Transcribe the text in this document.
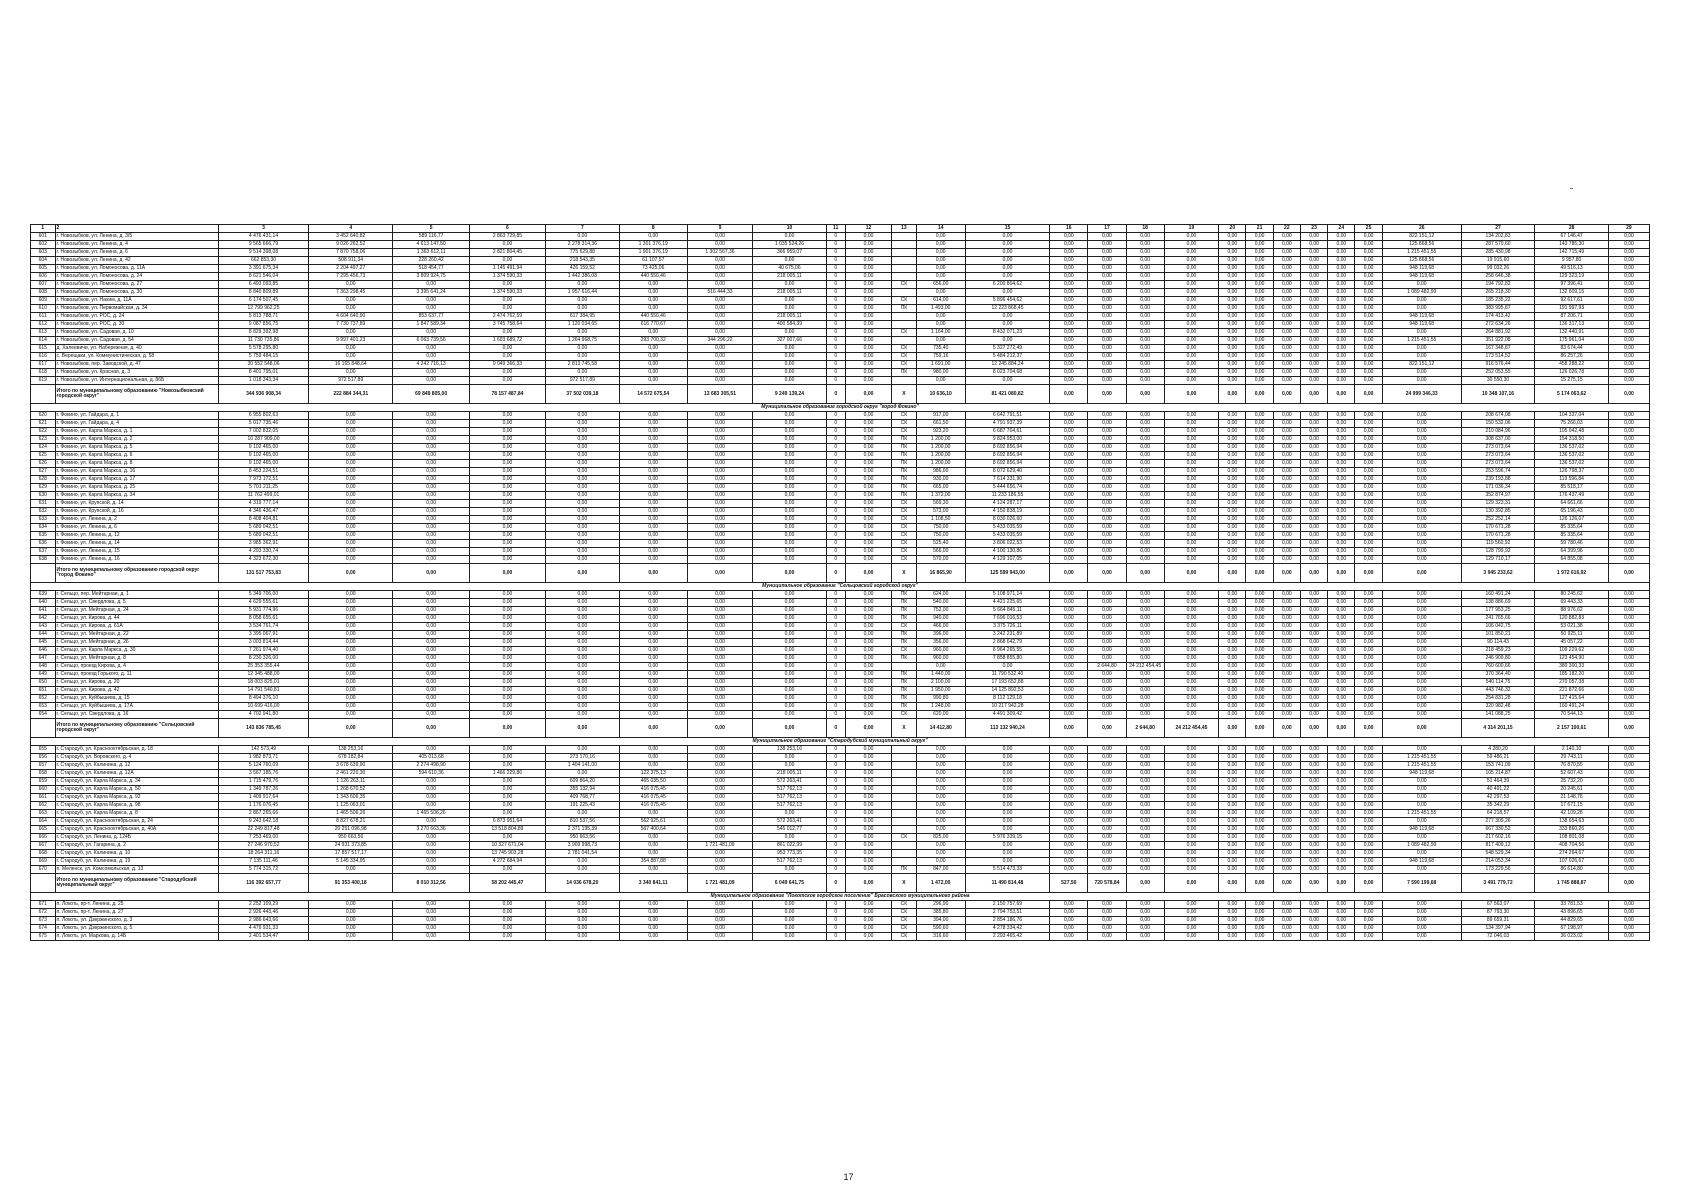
1	2	3	4	5	6	7	8	9	10	11	12	13	14	15	16	17	18	19	20	21	22	23	24	25	26	27	28	29
601	г. Новозыбков, ул. Ленина, д. 3/5	4 476 431,14	3 452 640,82	589 116,77	2 863 729,85	0,00	0,00	0,00	0,00	0	0,00		0,00	0,00	0,00	0,00	0,00	0,00	0,00	0,00	0,00	0,00	0,00	0,00	822 151,12	134 202,83	67 146,47	0,00
602	г. Новозыбков, ул. Ленина, д. 4	9 565 666,79	9 026 262,52	4 613 147,50	0,00	2 278 314,36	1 301 376,19	0,00	1 035 524,26	0	0,00		0,00	0,00	0,00	0,00	0,00	0,00	0,00	0,00	0,00	0,00	0,00	0,00	125 868,56	287 570,60	143 785,30	0,00
603	г. Новозыбков, ул. Ленина, д. 6	9 514 398,08	7 870 758,06	1 363 612,11	2 821 804,45	775 629,88	1 901 376,19	1 302 567,36	366 959,07	0	0,00		0,00	0,00	0,00	0,00	0,00	0,00	0,00	0,00	0,00	0,00	0,00	0,00	1 215 451,55	285 430,98	142 715,49	0,00
604	г. Новозыбков, ул. Ленина, д. 42	662 853,30	508 911,34	228 260,42	0,00	218 543,35	61 107,57	0,00	0,00	0	0,00		0,00	0,00	0,00	0,00	0,00	0,00	0,00	0,00	0,00	0,00	0,00	0,00	125 868,56	19 915,60	9 957,80	0,00
605	г. Новозыбков, ул. Ломоносова, д. 11А	3 391 675,34	2 204 497,27	518 454,77	1 145 491,94	426 159,52	73 425,06	0,00	40 675,06	0	0,00		0,00	0,00	0,00	0,00	0,00	0,00	0,00	0,00	0,00	0,00	0,00	0,00	948 119,68	99 032,26	49 516,13	0,00
606	г. Новозыбков, ул. Ломоносова, д. 24	8 621 546,04	7 295 456,73	3 809 924,75	1 374 590,33	1 442 386,08	440 550,46	0,00	218 005,11	0	0,00		0,00	0,00	0,00	0,00	0,00	0,00	0,00	0,00	0,00	0,00	0,00	0,00	948 119,68	258 646,38	129 323,19	0,00
607	г. Новозыбков, ул. Ломоносова, д. 27	6 493 093,85	0,00	0,00	0,00	0,00	0,00	0,00	0,00	0	0,00	СК	656,00	6 200 804,62	0,00	0,00	0,00	0,00	0,00	0,00	0,00	0,00	0,00	0,00	0,00	194 792,82	97 396,41	0,00
608	г. Новозыбков, ул. Ломоносова, д. 30	8 840 809,89	7 363 298,45	3 395 641,24	1 374 590,33	1 957 616,44	0,00	516 444,33	218 005,11	0	0,00		0,00	0,00	0,00	0,00	0,00	0,00	0,00	0,00	0,00	0,00	0,00	0,00	1 089 482,99	265 218,30	132 609,15	0,00
609	г. Новозыбков, ул. Нахим, д. 11А	6 174 507,45	0,00	0,00	0,00	0,00	0,00	0,00	0,00	0	0,00	СК	614,00	5 896 454,62	0,00	0,00	0,00	0,00	0,00	0,00	0,00	0,00	0,00	0,00	0,00	185 235,22	92 617,61	0,00
610	г. Новозыбков, ул. Первомайская, д. 34	12 799 962,25	0,00	0,00	0,00	0,00	0,00	0,00	0,00	0	0,00	ПК	1 493,00	12 223 868,45	0,00	0,00	0,00	0,00	0,00	0,00	0,00	0,00	0,00	0,00	0,00	383 995,87	191 997,93	0,00
611	г. Новозыбков, ул. РОС, д. 24	5 813 788,71	4 604 640,90	853 637,77	2 474 762,59	617 384,95	440 550,46	0,00	218 005,11	0	0,00		0,00	0,00	0,00	0,00	0,00	0,00	0,00	0,00	0,00	0,00	0,00	0,00	948 119,68	174 413,42	87 206,71	0,00
612	г. Новозыбков, ул. РОС, д. 30	9 087 856,75	7 730 737,89	1 847 589,34	3 745 758,64	1 120 034,65	616 770,67	0,00	400 584,39	0	0,00		0,00	0,00	0,00	0,00	0,00	0,00	0,00	0,00	0,00	0,00	0,00	0,00	948 119,68	272 634,26	136 317,13	0,00
613	г. Новозыбков, ул. Садовая, д. 10	8 829 392,98	0,00	0,00	0,00	0,00	0,00	0,00	0,00	0	0,00	СК	1 164,00	8 432 071,23	0,00	0,00	0,00	0,00	0,00	0,00	0,00	0,00	0,00	0,00	0,00	264 881,92	132 440,91	0,00
614	г. Новозыбков, ул. Садовая, д. 54	11 730 735,86	9 997 401,23	6 063 739,56	1 603 689,72	1 264 968,75	293 700,32	344 296,22	327 007,66	0	0,00		0,00	0,00	0,00	0,00	0,00	0,00	0,00	0,00	0,00	0,00	0,00	0,00	1 215 451,55	351 922,08	175 961,04	0,00
615	д. Халеевичи, ул. Набережная, д. 40	5 578 295,80	0,00	0,00	0,00	0,00	0,00	0,00	0,00	0	0,00	СК	735,40	5 327 272,49	0,00	0,00	0,00	0,00	0,00	0,00	0,00	0,00	0,00	0,00	0,00	167 348,87	83 674,44	0,00
616	с. Верещаки, ул. Коммунистическая, д. 58	5 759 484,15	0,00	0,00	0,00	0,00	0,00	0,00	0,00	0	0,00	СК	759,16	5 484 212,37	0,00	0,00	0,00	0,00	0,00	0,00	0,00	0,00	0,00	0,00	0,00	173 514,52	86 257,26	0,00
617	г. Новозыбков, пер. Заводской, д. 47	30 552 548,06	16 165 848,64	4 242 716,13	9 049 366,33	2 813 745,58	0,00	0,00	0,00	0	0,00	СК	1 691,00	12 245 884,24	0,00	0,00	0,00	0,00	0,00	0,00	0,00	0,00	0,00	0,00	822 151,12	916 576,44	458 288,22	0,00
618	г. Новозыбков, ул. Красная, д. 3	8 401 795,01	0,00	0,00	0,00	0,00	0,00	0,00	0,00	0	0,00	ПК	980,00	8 023 704,68	0,00	0,00	0,00	0,00	0,00	0,00	0,00	0,00	0,00	0,00	0,00	252 053,55	126 026,78	0,00
619	г. Новозыбков, ул. Интернациональная, д. 86Б	1 018 343,34	972 517,89	0,00	0,00	972 517,89	0,00	0,00	0,00	0	0,00		0,00	0,00	0,00	0,00	0,00	0,00	0,00	0,00	0,00	0,00	0,00	0,00	0,00	30 550,30	15 275,15	0,00
	Итого по муниципальному образованию "Новозыбковский городской округ"	344 936 908,34	222 884 344,31	69 849 805,00	78 157 487,84	37 502 039,18	14 572 675,54	13 683 305,51	9 249 139,24	0	0,00	X	10 636,10	81 421 080,82	0,00	0,00	0,00	0,00	0,00	0,00	0,00	0,00	0,00	0,00	24 999 346,33	10 348 107,16	5 174 063,62	0,00
Муниципальное образование городской округ "город Фокино"																												
620	г. Фокино, ул. Гайдара, д. 1	6 955 802,63	0,00	0,00	0,00	0,00	0,00	0,00	0,00	0	0,00	СК	917,00	6 642 791,51	0,00	0,00	0,00	0,00	0,00	0,00	0,00	0,00	0,00	0,00	0,00	208 674,08	104 337,04	0,00
621	г. Фокино, ул. Гайдара, д. 4	5 017 735,46	0,00	0,00	0,00	0,00	0,00	0,00	0,00	0	0,00	СК	661,50	4 791 937,39	0,00	0,00	0,00	0,00	0,00	0,00	0,00	0,00	0,00	0,00	0,00	150 532,06	75 266,03	0,00
622	г. Фокино, ул. Карла Маркса, д. 1	7 002 832,05	0,00	0,00	0,00	0,00	0,00	0,00	0,00	0	0,00	СК	923,20	6 687 704,61	0,00	0,00	0,00	0,00	0,00	0,00	0,00	0,00	0,00	0,00	0,00	210 084,96	105 042,48	0,00
623	г. Фокино, ул. Карла Маркса, д. 2	10 287 909,00	0,00	0,00	0,00	0,00	0,00	0,00	0,00	0	0,00	ПК	1 200,00	9 824 953,00	0,00	0,00	0,00	0,00	0,00	0,00	0,00	0,00	0,00	0,00	0,00	308 637,00	154 318,50	0,00
624	г. Фокино, ул. Карла Маркса, д. 5	9 102 465,00	0,00	0,00	0,00	0,00	0,00	0,00	0,00	0	0,00	ПК	1 200,00	8 692 856,94	0,00	0,00	0,00	0,00	0,00	0,00	0,00	0,00	0,00	0,00	0,00	273 073,64	136 537,02	0,00
625	г. Фокино, ул. Карла Маркса, д. 6	9 102 465,00	0,00	0,00	0,00	0,00	0,00	0,00	0,00	0	0,00	ПК	1 200,00	8 692 856,94	0,00	0,00	0,00	0,00	0,00	0,00	0,00	0,00	0,00	0,00	0,00	273 073,64	136 537,02	0,00
626	г. Фокино, ул. Карла Маркса, д. 8	9 102 465,00	0,00	0,00	0,00	0,00	0,00	0,00	0,00	0	0,00	ПК	1 200,00	8 692 856,94	0,00	0,00	0,00	0,00	0,00	0,00	0,00	0,00	0,00	0,00	0,00	273 073,64	136 537,02	0,00
627	г. Фокино, ул. Карла Маркса, д. 16	8 453 224,51	0,00	0,00	0,00	0,00	0,00	0,00	0,00	0	0,00	ПК	986,00	8 072 629,40	0,00	0,00	0,00	0,00	0,00	0,00	0,00	0,00	0,00	0,00	0,00	253 596,74	126 798,37	0,00
628	г. Фокино, ул. Карла Маркса, д. 17	7 973 172,51	0,00	0,00	0,00	0,00	0,00	0,00	0,00	0	0,00	ПК	930,00	7 614 331,90	0,00	0,00	0,00	0,00	0,00	0,00	0,00	0,00	0,00	0,00	0,00	239 193,88	119 596,84	0,00
629	г. Фокино, ул. Карла Маркса, д. 25	5 701 211,25	0,00	0,00	0,00	0,00	0,00	0,00	0,00	0	0,00	ПК	665,00	5 444 656,74	0,00	0,00	0,00	0,00	0,00	0,00	0,00	0,00	0,00	0,00	0,00	171 036,34	85 518,17	0,00
630	г. Фокино, ул. Карла Маркса, д. 34	11 762 499,01	0,00	0,00	0,00	0,00	0,00	0,00	0,00	0	0,00	ПК	1 372,00	11 233 186,55	0,00	0,00	0,00	0,00	0,00	0,00	0,00	0,00	0,00	0,00	0,00	352 874,97	176 437,49	0,00
631	г. Фокино, ул. Крупской, д. 14	4 319 777,14	0,00	0,00	0,00	0,00	0,00	0,00	0,00	0	0,00	СК	569,30	4 124 287,17	0,00	0,00	0,00	0,00	0,00	0,00	0,00	0,00	0,00	0,00	0,00	129 323,31	64 661,66	0,00
632	г. Фокино, ул. Крупской, д. 16	4 346 436,47	0,00	0,00	0,00	0,00	0,00	0,00	0,00	0	0,00	СК	573,00	4 150 838,19	0,00	0,00	0,00	0,00	0,00	0,00	0,00	0,00	0,00	0,00	0,00	130 392,85	65 196,43	0,00
633	г. Фокино, ул. Ленина, д. 2	8 408 404,81	0,00	0,00	0,00	0,00	0,00	0,00	0,00	0	0,00	СК	1 108,50	8 030 026,60	0,00	0,00	0,00	0,00	0,00	0,00	0,00	0,00	0,00	0,00	0,00	252 252,14	126 126,07	0,00
634	г. Фокино, ул. Ленина, д. 6	5 689 042,51	0,00	0,00	0,00	0,00	0,00	0,00	0,00	0	0,00	СК	750,00	5 433 035,59	0,00	0,00	0,00	0,00	0,00	0,00	0,00	0,00	0,00	0,00	0,00	170 671,28	85 335,64	0,00
635	г. Фокино, ул. Ленина, д. 12	5 689 042,51	0,00	0,00	0,00	0,00	0,00	0,00	0,00	0	0,00	СК	750,00	5 433 035,59	0,00	0,00	0,00	0,00	0,00	0,00	0,00	0,00	0,00	0,00	0,00	170 671,28	85 335,64	0,00
636	г. Фокино, ул. Ленина, д. 14	3 985 362,91	0,00	0,00	0,00	0,00	0,00	0,00	0,00	0	0,00	СК	525,40	3 806 022,53	0,00	0,00	0,00	0,00	0,00	0,00	0,00	0,00	0,00	0,00	0,00	119 560,92	59 780,46	0,00
637	г. Фокино, ул. Ленина, д. 15	4 293 330,74	0,00	0,00	0,00	0,00	0,00	0,00	0,00	0	0,00	СК	566,00	4 100 130,86	0,00	0,00	0,00	0,00	0,00	0,00	0,00	0,00	0,00	0,00	0,00	128 799,92	64 399,96	0,00
638	г. Фокино, ул. Ленина, д. 16	4 323 672,30	0,00	0,00	0,00	0,00	0,00	0,00	0,00	0	0,00	СК	570,00	4 129 107,05	0,00	0,00	0,00	0,00	0,00	0,00	0,00	0,00	0,00	0,00	0,00	129 710,17	64 855,08	0,00
	Итого по муниципальному образованию городской округ "город Фокино"	131 517 753,83	0,00	0,00	0,00	0,00	0,00	0,00	0,00	0	0,00	X	16 865,90	125 599 943,00	0,00	0,00	0,00	0,00	0,00	0,00	0,00	0,00	0,00	0,00	0,00	3 945 233,62	1 972 616,92	0,00
Муниципальное образование "Сельцовский городской округ"																												
639	г. Сельцо, пер. Мейтарнаи, д. 1	5 349 706,00	0,00	0,00	0,00	0,00	0,00	0,00	0,00	0	0,00	ПК	624,00	5 108 971,14	0,00	0,00	0,00	0,00	0,00	0,00	0,00	0,00	0,00	0,00	0,00	160 491,24	80 245,62	0,00
640	г. Сельцо, ул. Свердлова, д. 5	4 629 555,61	0,00	0,00	0,00	0,00	0,00	0,00	0,00	0	0,00	ПК	540,00	4 421 225,65	0,00	0,00	0,00	0,00	0,00	0,00	0,00	0,00	0,00	0,00	0,00	138 886,69	69 443,33	0,00
641	г. Сельцо, ул. Мейтарнаи, д. 24	5 931 774,96	0,00	0,00	0,00	0,00	0,00	0,00	0,00	0	0,00	ПК	752,00	5 664 845,11	0,00	0,00	0,00	0,00	0,00	0,00	0,00	0,00	0,00	0,00	0,00	177 953,25	88 976,62	0,00
642	г. Сельцо, ул. Кирова, д. 44	8 058 655,61	0,00	0,00	0,00	0,00	0,00	0,00	0,00	0	0,00	ПК	940,00	7 696 016,53	0,00	0,00	0,00	0,00	0,00	0,00	0,00	0,00	0,00	0,00	0,00	241 765,66	120 882,83	0,00
643	г. Сельцо, ул. Кирова, д. 61А	3 534 761,74	0,00	0,00	0,00	0,00	0,00	0,00	0,00	0	0,00	СК	466,00	3 375 726,11	0,00	0,00	0,00	0,00	0,00	0,00	0,00	0,00	0,00	0,00	0,00	106 042,75	53 021,38	0,00
644	г. Сельцо, ул. Мейтарнаи, д. 22	3 395 067,91	0,00	0,00	0,00	0,00	0,00	0,00	0,00	0	0,00	ПК	396,00	3 242 231,89	0,00	0,00	0,00	0,00	0,00	0,00	0,00	0,00	0,00	0,00	0,00	101 850,21	50 925,11	0,00
645	г. Сельцо, ул. Мейтарнаи, д. 26	3 003 814,44	0,00	0,00	0,00	0,00	0,00	0,00	0,00	0	0,00	ПК	356,00	2 868 642,79	0,00	0,00	0,00	0,00	0,00	0,00	0,00	0,00	0,00	0,00	0,00	90 114,43	45 057,22	0,00
646	г. Сельцо, ул. Карла Маркса, д. 30	7 261 974,40	0,00	0,00	0,00	0,00	0,00	0,00	0,00	0	0,00	СК	960,00	6 964 265,55	0,00	0,00	0,00	0,00	0,00	0,00	0,00	0,00	0,00	0,00	0,00	218 459,23	109 229,62	0,00
647	г. Сельцо, ул. Мейтарнаи, д. 8	8 230 326,00	0,00	0,00	0,00	0,00	0,00	0,00	0,00	0	0,00	ПК	960,00	7 858 855,80	0,00	0,00	0,00	0,00	0,00	0,00	0,00	0,00	0,00	0,00	0,00	246 909,80	123 454,90	0,00
648	г. Сельцо, проезд Кирова, д. 4	25 353 355,44	0,00	0,00	0,00	0,00	0,00	0,00	0,00	0	0,00		0,00	0,00	0,00	2 644,80	24 212 454,45	0,00	0,00	0,00	0,00	0,00	0,00	0,00	0,00	760 600,66	380 300,33	0,00
649	г. Сельцо, проезд Горького, д. 11	12 345 488,00	0,00	0,00	0,00	0,00	0,00	0,00	0,00	0	0,00	ПК	1 440,00	11 790 532,40	0,00	0,00	0,00	0,00	0,00	0,00	0,00	0,00	0,00	0,00	0,00	370 364,40	185 182,20	0,00
650	г. Сельцо, ул. Кирова, д. 20	18 003 825,01	0,00	0,00	0,00	0,00	0,00	0,00	0,00	0	0,00	ПК	2 100,00	17 193 652,88	0,00	0,00	0,00	0,00	0,00	0,00	0,00	0,00	0,00	0,00	0,00	540 114,75	270 057,38	0,00
651	г. Сельцо, ул. Кирова, д. 42	14 791 540,81	0,00	0,00	0,00	0,00	0,00	0,00	0,00	0	0,00	ПК	1 950,00	14 125 892,53	0,00	0,00	0,00	0,00	0,00	0,00	0,00	0,00	0,00	0,00	0,00	443 746,32	221 872,66	0,00
652	г. Сельцо, ул. Куйбышева, д. 15	8 494 376,10	0,00	0,00	0,00	0,00	0,00	0,00	0,00	0	0,00	ПК	990,80	8 112 129,18	0,00	0,00	0,00	0,00	0,00	0,00	0,00	0,00	0,00	0,00	0,00	254 831,28	127 415,64	0,00
653	г. Сельцо, ул. Куйбышева, д. 17А	10 699 416,00	0,00	0,00	0,00	0,00	0,00	0,00	0,00	0	0,00	ПК	1 248,00	10 217 942,28	0,00	0,00	0,00	0,00	0,00	0,00	0,00	0,00	0,00	0,00	0,00	320 982,48	160 491,24	0,00
654	г. Сельцо, ул. Свердлова, д. 16	4 702 941,80	0,00	0,00	0,00	0,00	0,00	0,00	0,00	0	0,00	СК	620,00	4 491 309,42	0,00	0,00	0,00	0,00	0,00	0,00	0,00	0,00	0,00	0,00	0,00	141 088,25	70 544,13	0,00
	Итого по муниципальному образованию "Сельцовский городской округ"	143 836 785,45	0,00	0,00	0,00	0,00	0,00	0,00	0,00	0	0,00	X	14 412,80	113 132 940,24	0,00	0,00	2 644,80	24 212 454,45	0,00	0,00	0,00	0,00	0,00	0,00	0,00	4 314 201,15	2 157 100,61	0,00
Муниципальное образование "Стародубский муниципальный округ"																												
655	г. Стародуб, ул. Краснооктябрьская, д. 18	142 573,49	138 253,16	0,00	0,00	0,00	0,00	0,00	138 253,16	0	0,00		0,00	0,00	0,00	0,00	0,00	0,00	0,00	0,00	0,00	0,00	0,00	0,00	0,00	4 280,20	2 140,10	0,00
656	г. Стародуб, ул. Воровского, д. 4	1 982 873,71	678 182,84	405 013,68	0,00	273 170,16	0,00	0,00	0,00	0	0,00		0,00	0,00	0,00	0,00	0,00	0,00	0,00	0,00	0,00	0,00	0,00	0,00	1 215 451,55	59 486,21	29 743,11	0,00
657	г. Стародуб, ул. Калинина, д. 12	5 124 760,09	3 678 639,90	2 274 498,90	0,00	1 404 141,00	0,00	0,00	0,00	0	0,00		0,00	0,00	0,00	0,00	0,00	0,00	0,00	0,00	0,00	0,00	0,00	0,00	1 215 451,55	153 741,09	76 870,55	0,00
658	г. Стародуб, ул. Калинина, д. 12А	3 567 185,76	2 461 220,30	594 610,36	1 466 229,86	0,00	122 375,13	0,00	218 005,11	0	0,00		0,00	0,00	0,00	0,00	0,00	0,00	0,00	0,00	0,00	0,00	0,00	0,00	948 119,68	105 214,87	52 607,43	0,00
659	г. Стародуб, ул. Карла Маркса, д. 34	1 715 479,76	1 126 263,11	0,00	0,00	609 864,20	465 035,50	0,00	572 263,41	0	0,00		0,00	0,00	0,00	0,00	0,00	0,00	0,00	0,00	0,00	0,00	0,00	0,00	0,00	51 464,39	25 732,20	0,00
660	г. Стародуб, ул. Карла Маркса, д. 50	1 349 787,26	1 268 670,52	0,00	0,00	355 132,94	416 075,45	0,00	517 762,13	0	0,00		0,00	0,00	0,00	0,00	0,00	0,00	0,00	0,00	0,00	0,00	0,00	0,00	0,00	40 491,22	20 245,61	0,00
661	г. Стародуб, ул. Карла Маркса, д. 92	1 409 917,64	1 343 606,35	0,00	0,00	409 768,77	416 075,45	0,00	517 762,13	0	0,00		0,00	0,00	0,00	0,00	0,00	0,00	0,00	0,00	0,00	0,00	0,00	0,00	0,00	42 297,53	21 148,76	0,00
662	г. Стародуб, ул. Карла Маркса, д. 98	1 176 076,45	1 125 063,01	0,00	0,00	191 225,43	416 075,45	0,00	517 762,13	0	0,00		0,00	0,00	0,00	0,00	0,00	0,00	0,00	0,00	0,00	0,00	0,00	0,00	0,00	35 342,29	17 671,15	0,00
663	г. Стародуб, ул. Карла Маркса, д. 8	2 867 265,66	1 465 506,26	1 465 506,26	0,00	0,00	0,00	0,00	0,00	0	0,00		0,00	0,00	0,00	0,00	0,00	0,00	0,00	0,00	0,00	0,00	0,00	0,00	1 215 451,55	64 218,57	42 109,28	0,00
664	г. Стародуб, ул. Краснооктябрьская, д. 24	9 243 642,18	8 827 678,21	0,00	6 873 951,64	810 537,56	562 925,61	0,00	572 263,41	0	0,00		0,00	0,00	0,00	0,00	0,00	0,00	0,00	0,00	0,00	0,00	0,00	0,00	0,00	277 309,26	138 654,63	0,00
665	г. Стародуб, ул. Краснооктябрьская, д. 40А	22 249 817,48	20 251 096,98	3 270 663,36	13 518 804,89	2 371 195,39	567 400,64	0,00	545 012,77	0	0,00		0,00	0,00	0,00	0,00	0,00	0,00	0,00	0,00	0,00	0,00	0,00	0,00	948 119,68	667 330,52	333 860,26	0,00
666	г. Стародуб, ул. Ленина, д. 124Б	7 253 469,00	950 663,56	0,00	0,00	950 663,56	0,00	0,00	0,00	0	0,00	СК	825,00	5 976 339,15	0,00	0,00	0,00	0,00	0,00	0,00	0,00	0,00	0,00	0,00	0,00	217 602,16	108 801,08	0,00
667	г. Стародуб, ул. Гагарина, д. 2	27 246 970,52	24 931 373,85	0,00	10 327 671,04	3 909 998,73	0,00	1 721 481,09	861 022,99	0	0,00		0,00	0,00	0,00	0,00	0,00	0,00	0,00	0,00	0,00	0,00	0,00	0,00	1 089 482,99	817 409,12	408 704,56	0,00
668	г. Стародуб, ул. Калинина, д. 10	18 264 311,16	17 857 517,17	0,00	13 745 903,28	2 781 041,54	0,00	0,00	953 773,35	0	0,00		0,00	0,00	0,00	0,00	0,00	0,00	0,00	0,00	0,00	0,00	0,00	0,00	0,00	548 529,34	274 264,67	0,00
669	г. Стародуб, ул. Калинина, д. 19	7 135 111,46	5 145 334,95	0,00	4 272 684,94	0,00	354 887,88	0,00	517 762,13	0	0,00		0,00	0,00	0,00	0,00	0,00	0,00	0,00	0,00	0,00	0,00	0,00	0,00	948 119,68	214 053,34	107 026,67	0,00
670	п. Меленск, ул. Комсомольская, д. 13	5 774 315,72	0,00	0,00	0,00	0,00	0,00	0,00	0,00	0	0,00	ПК	847,00	5 514 473,33	0,00	0,00	0,00	0,00	0,00	0,00	0,00	0,00	0,00	0,00	0,00	173 229,56	86 614,80	0,00
	Итого по муниципальному образованию "Стародубский муниципальный округ"	116 392 657,77	91 353 400,18	8 010 312,56	58 202 445,47	14 036 678,20	3 340 841,11	1 721 481,09	6 049 641,75	0	0,00	X	1 472,00	11 490 814,48	527,50	720 578,84	0,00	0,00	0,00	0,00	0,00	0,00	0,00	0,00	7 590 199,68	3 491 779,72	1 745 888,87	0,00
Муниципальное образование "Локотское городское поселение" Брасовского муниципального района																												
671	п. Локоть, пр-т. Ленина, д. 25	2 252 109,29	0,00	0,00	0,00	0,00	0,00	0,00	0,00	0	0,00	СК	296,90	2 150 757,69	0,00	0,00	0,00	0,00	0,00	0,00	0,00	0,00	0,00	0,00	0,00	67 563,07	33 781,53	0,00
672	п. Локоть, пр-т. Ленина, д. 27	2 926 443,46	0,00	0,00	0,00	0,00	0,00	0,00	0,00	0	0,00	СК	385,80	2 794 753,51	0,00	0,00	0,00	0,00	0,00	0,00	0,00	0,00	0,00	0,00	0,00	87 793,30	43 896,65	0,00
673	п. Локоть, ул. Дзержинского, д. 3	2 986 643,66	0,00	0,00	0,00	0,00	0,00	0,00	0,00	0	0,00	СК	394,00	2 854 186,76	0,00	0,00	0,00	0,00	0,00	0,00	0,00	0,00	0,00	0,00	0,00	89 659,31	44 829,65	0,00
674	п. Локоть, ул. Дзержинского, д. 5	4 479 931,33	0,00	0,00	0,00	0,00	0,00	0,00	0,00	0	0,00	СК	590,60	4 278 334,42	0,00	0,00	0,00	0,00	0,00	0,00	0,00	0,00	0,00	0,00	0,00	134 397,94	67 198,97	0,00
675	п. Локоть, ул. Маркова, д. 14Б	2 401 534,47	0,00	0,00	0,00	0,00	0,00	0,00	0,00	0	0,00	СК	316,60	2 293 465,42	0,00	0,00	0,00	0,00	0,00	0,00	0,00	0,00	0,00	0,00	0,00	72 046,03	36 023,02	0,00
17
